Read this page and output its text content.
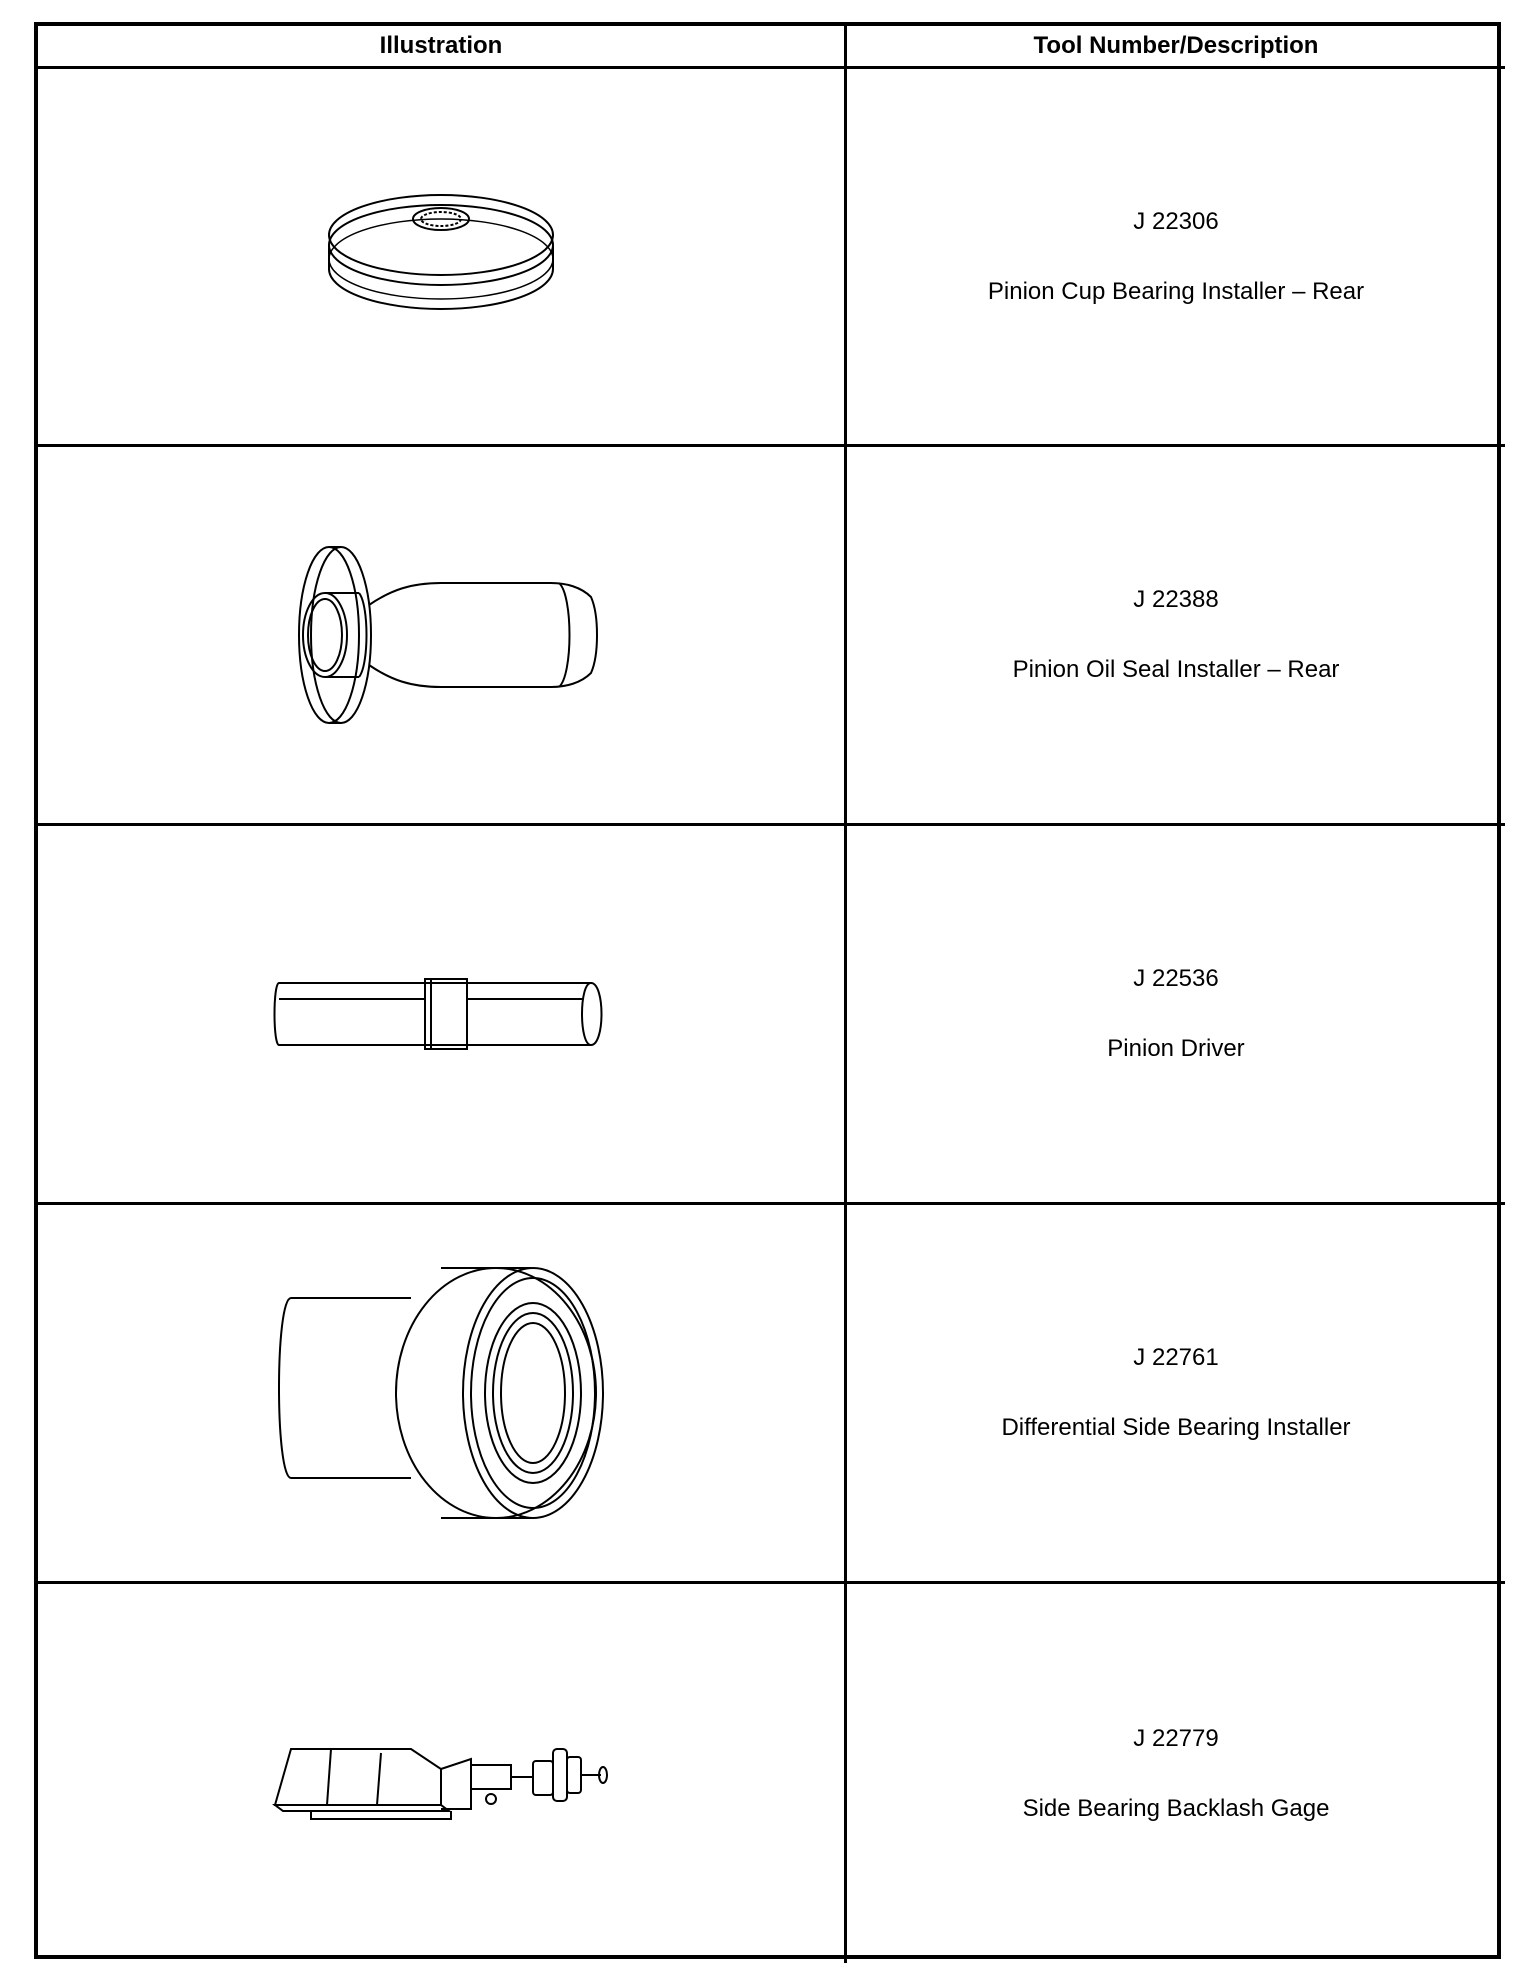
Illustration	Tool Number/Description
J 22306
Pinion Cup Bearing Installer – Rear
J 22388
Pinion Oil Seal Installer – Rear
J 22536
Pinion Driver
J 22761
Differential Side Bearing Installer
J 22779
Side Bearing Backlash Gage
